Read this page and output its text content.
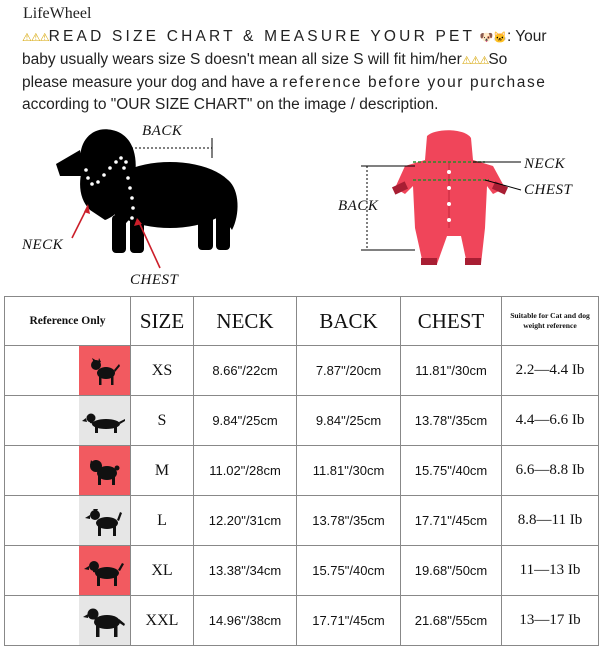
LifeWheel
⚠⚠⚠READ SIZE CHART & MEASURE YOUR PET 🐶🐱: Your
baby usually wears size S doesn't mean all size S will fit him/her⚠⚠⚠So
please measure your dog and have a reference before your purchase
according to "OUR SIZE CHART" on the image / description.
BACK
NECK
CHEST
NECK
CHEST
BACK
Reference Only	SIZE	NECK	BACK	CHEST	Suitable for Cat and dog
weight reference

	XS	8.66"/22cm	7.87"/20cm	11.81"/30cm	2.2—4.4 Ib

	S	9.84"/25cm	9.84"/25cm	13.78"/35cm	4.4—6.6 Ib

	M	11.02"/28cm	11.81"/30cm	15.75"/40cm	6.6—8.8 Ib

	L	12.20"/31cm	13.78"/35cm	17.71"/45cm	8.8—11 Ib

	XL	13.38"/34cm	15.75"/40cm	19.68"/50cm	11—13 Ib

	XXL	14.96"/38cm	17.71"/45cm	21.68"/55cm	13—17 Ib
